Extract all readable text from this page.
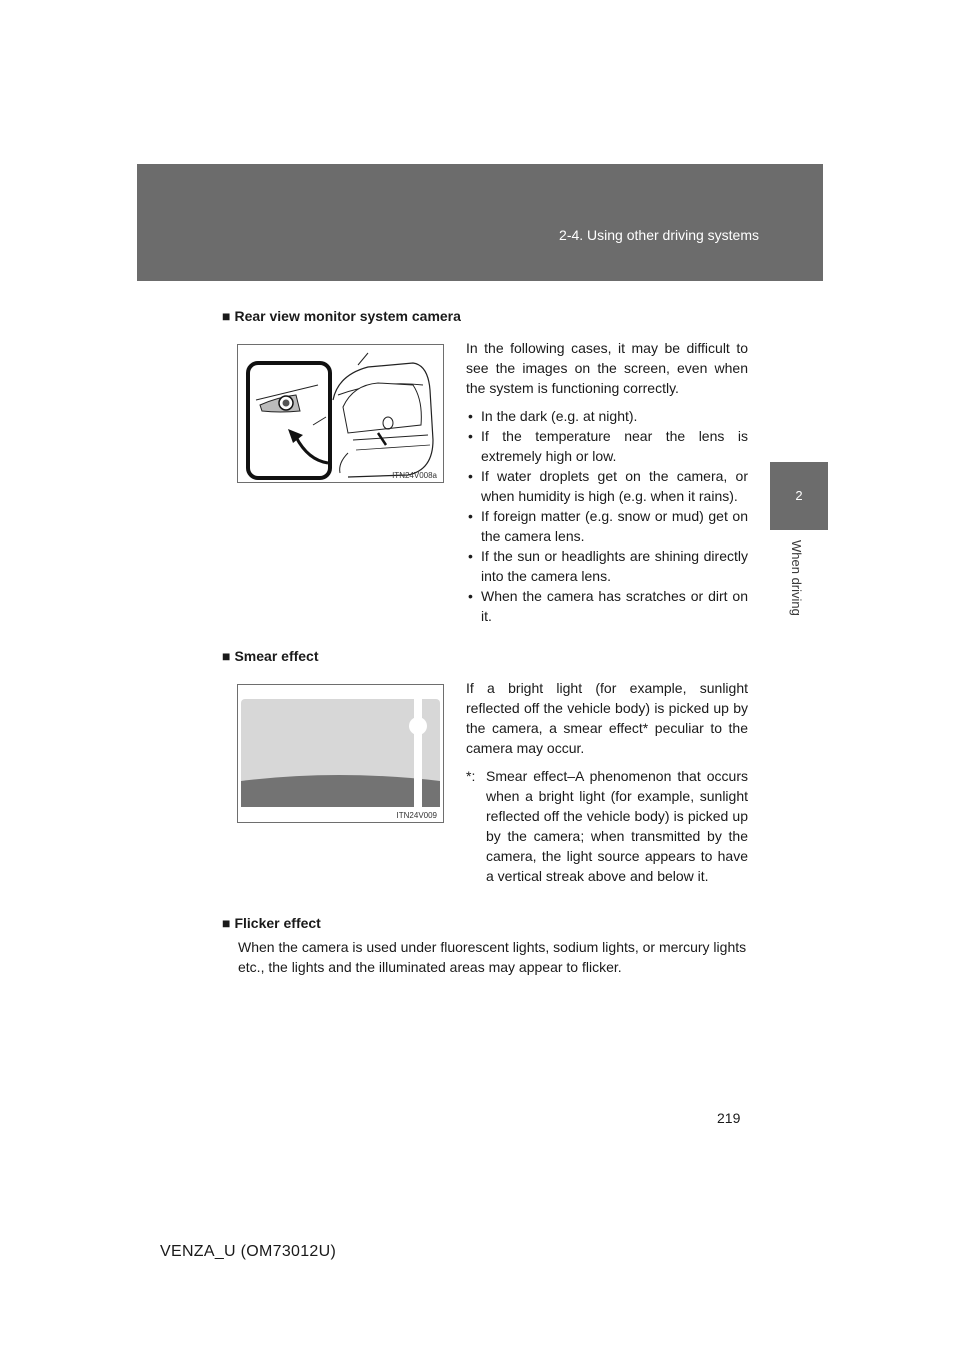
2-4. Using other driving systems
2
When driving
■ Rear view monitor system camera
ITN24V008a

In the following cases, it may be difficult to see the images on the screen, even when the system is functioning correctly.

• In the dark (e.g. at night).
• If the temperature near the lens is extremely high or low.
• If water droplets get on the camera, or when humidity is high (e.g. when it rains).
• If foreign matter (e.g. snow or mud) get on the camera lens.
• If the sun or headlights are shining directly into the camera lens.
• When the camera has scratches or dirt on it.
■ Smear effect
ITN24V009

If a bright light (for example, sunlight reflected off the vehicle body) is picked up by the camera, a smear effect* peculiar to the camera may occur.

*: Smear effect–A phenomenon that occurs when a bright light (for example, sunlight reflected off the vehicle body) is picked up by the camera; when transmitted by the camera, the light source appears to have a vertical streak above and below it.
■ Flicker effect
When the camera is used under fluorescent lights, sodium lights, or mercury lights etc., the lights and the illuminated areas may appear to flicker.
219
VENZA_U (OM73012U)
